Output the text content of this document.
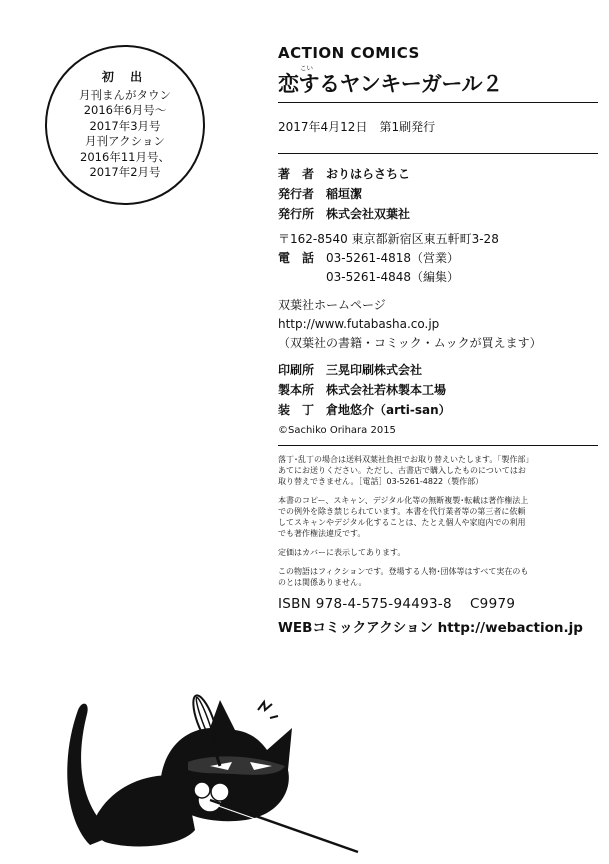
初 出
月刊まんがタウン
2016年6月号～
2017年3月号
月刊アクション
2016年11月号、
2017年2月号
ACTION COMICS
こい
恋するヤンキーガール２
2017年4月12日　第1刷発行
著　者 おりはらさちこ
発行者 稲垣潔
発行所 株式会社双葉社
〒162-8540 東京都新宿区東五軒町3-28
電　話 03-5261-4818（営業）
03-5261-4848（編集）
双葉社ホームページ
http://www.futabasha.co.jp
（双葉社の書籍・コミック・ムックが買えます）
印刷所 三晃印刷株式会社
製本所 株式会社若林製本工場
装　丁 倉地悠介（arti-san）
©Sachiko Orihara 2015

落丁･乱丁の場合は送料双葉社負担でお取り替えいたします。「製作部」あてにお送りください。ただし、古書店で購入したものについてはお取り替えできません。［電話］03-5261-4822（製作部）

本書のコピー、スキャン、デジタル化等の無断複製･転載は著作権法上での例外を除き禁じられています。本書を代行業者等の第三者に依頼してスキャンやデジタル化することは、たとえ個人や家庭内での利用でも著作権法違反です。

定価はカバーに表示してあります。

この物語はフィクションです。登場する人物･団体等はすべて実在のものとは関係ありません。

ISBN 978-4-575-94493-8 C9979
WEBコミックアクション http://webaction.jp
